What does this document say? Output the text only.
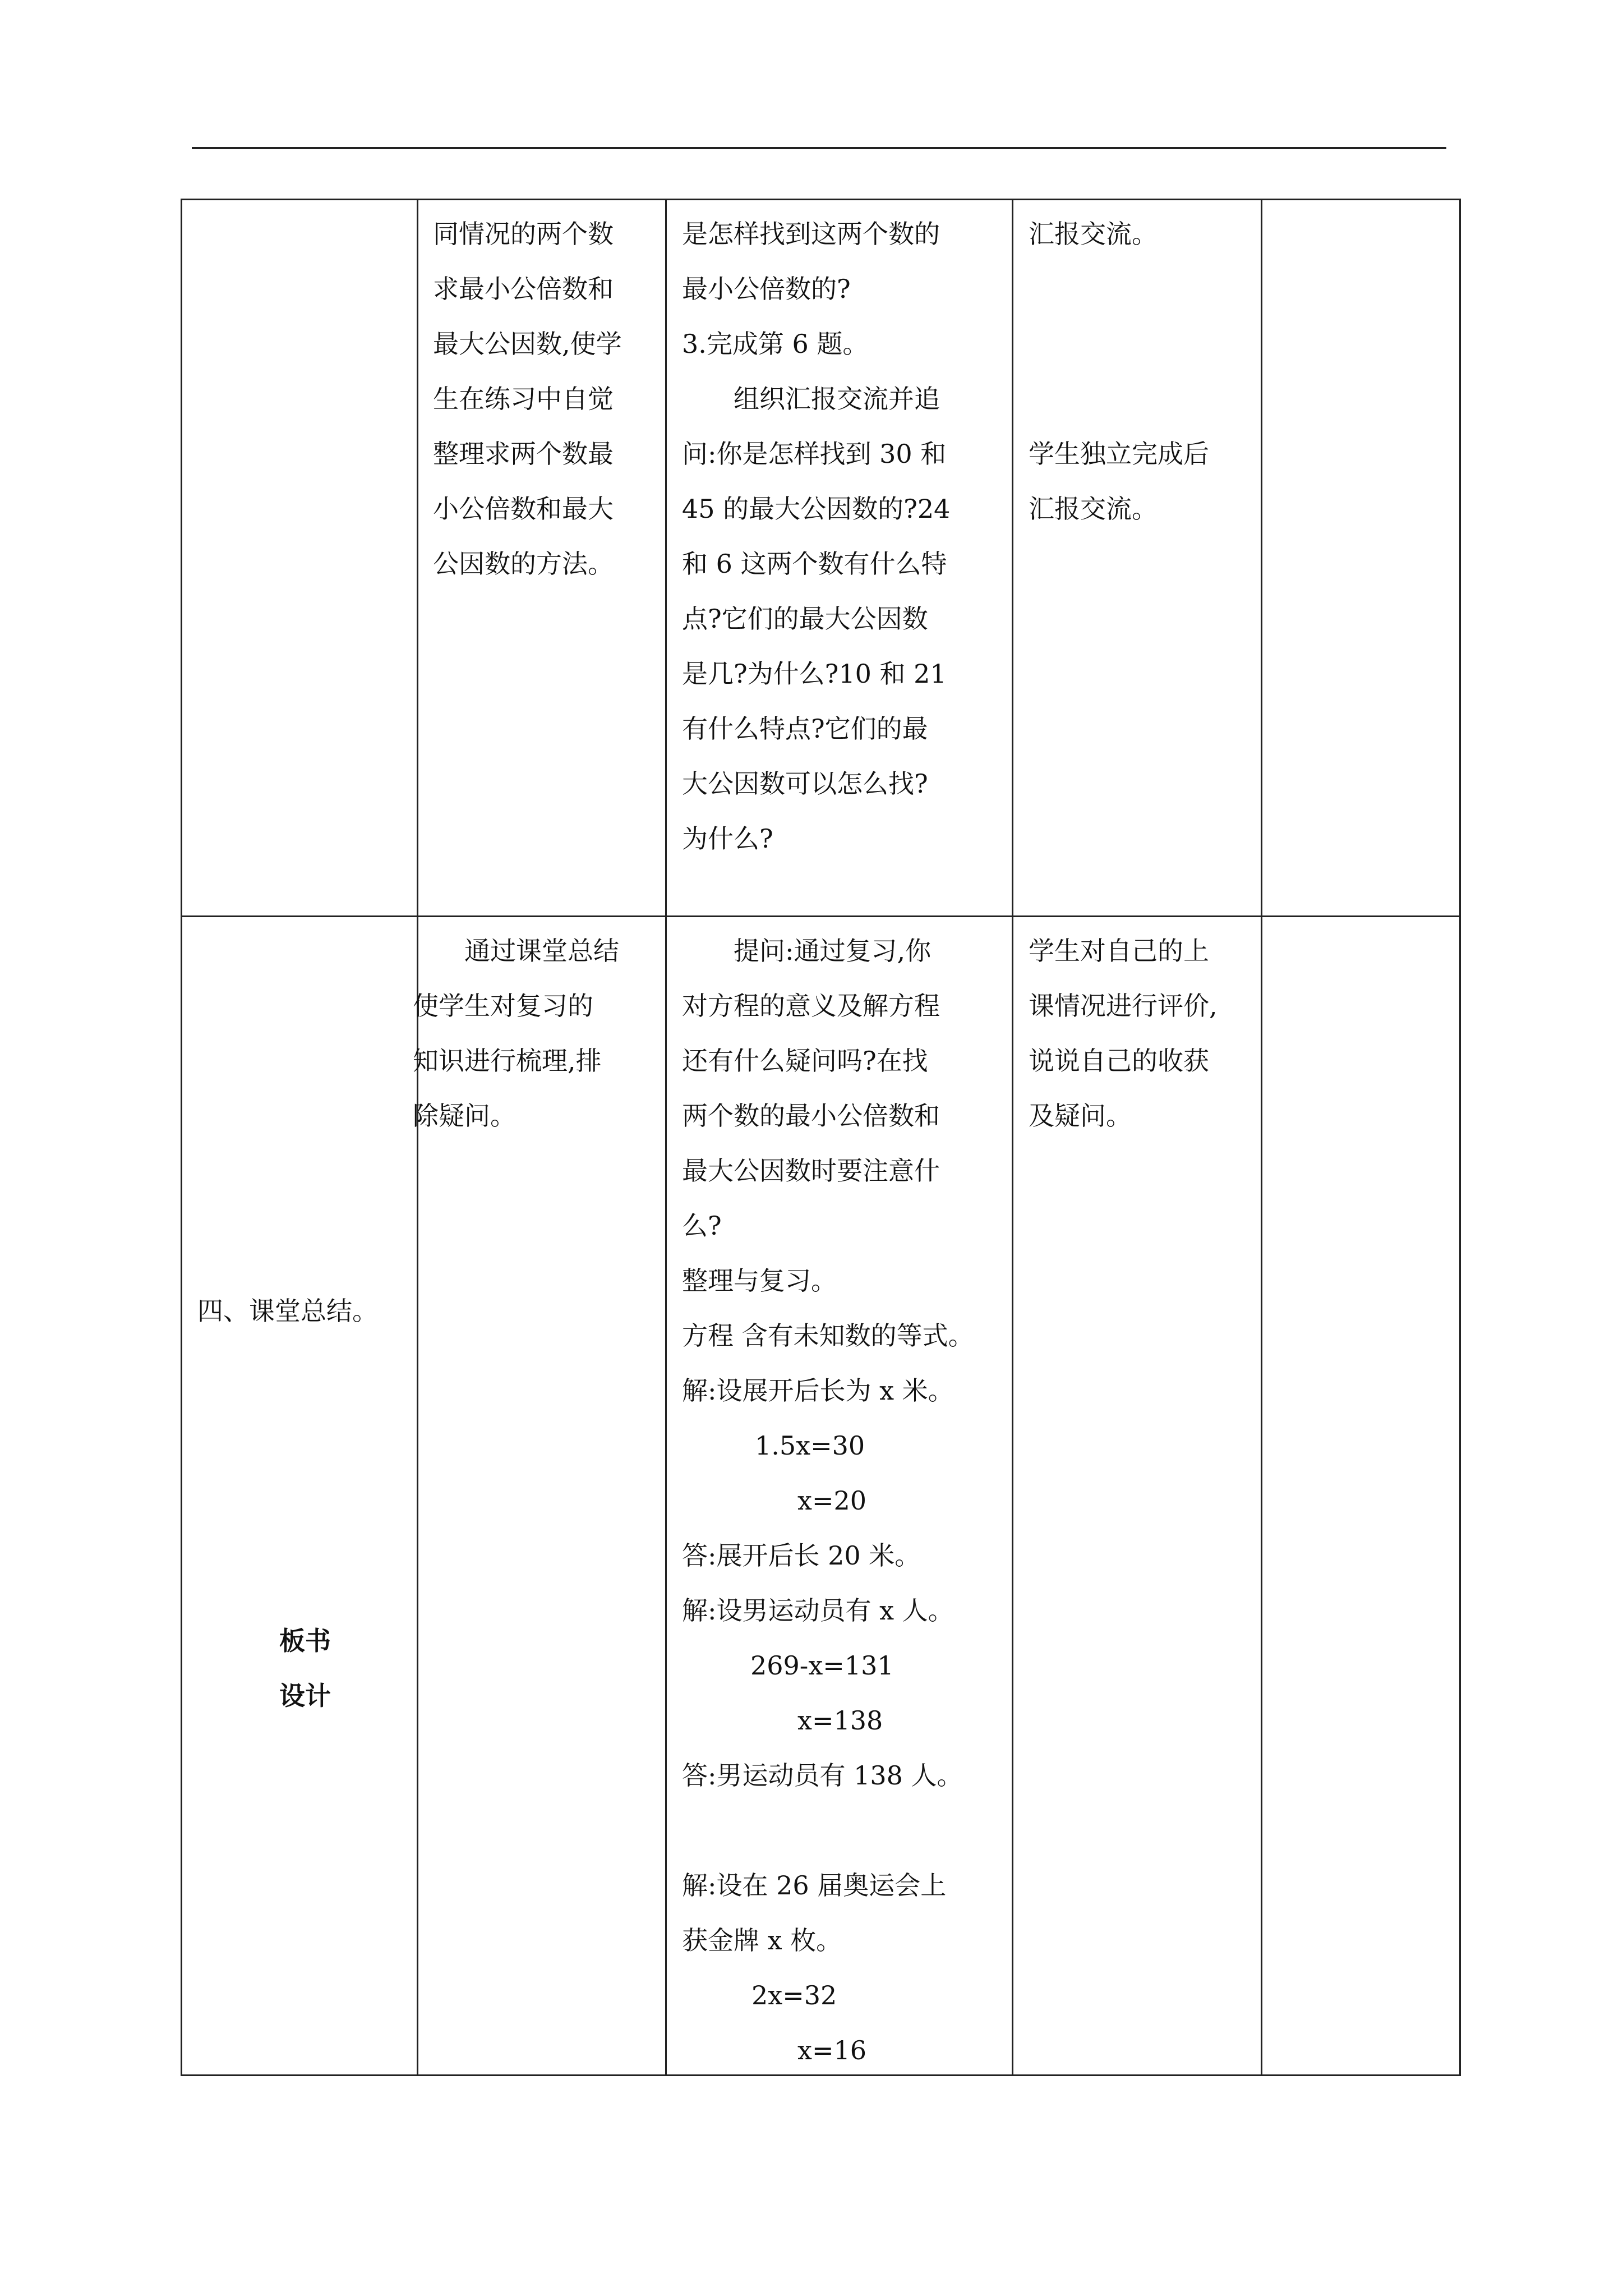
同情况的两个数
求最小公倍数和
最大公因数,使学
生在练习中自觉
整理求两个数最
小公倍数和最大
公因数的方法。
是怎样找到这两个数的
最小公倍数的?
3.完成第 6 题。
组织汇报交流并追
问:你是怎样找到 30 和
45 的最大公因数的?24
和 6 这两个数有什么特
点?它们的最大公因数
是几?为什么?10 和 21
有什么特点?它们的最
大公因数可以怎么找?
为什么?
汇报交流。
学生独立完成后
汇报交流。
四、课堂总结。
板书
设计
通过课堂总结
使学生对复习的
知识进行梳理,排
除疑问。
提问:通过复习,你
对方程的意义及解方程
还有什么疑问吗?在找
两个数的最小公倍数和
最大公因数时要注意什
么?
整理与复习。
方程 含有未知数的等式。
解:设展开后长为 x 米。
1.5x=30
x=20
答:展开后长 20 米。
解:设男运动员有 x 人。
269-x=131
x=138
答:男运动员有 138 人。
解:设在 26 届奥运会上
获金牌 x 枚。
2x=32
x=16
学生对自己的上
课情况进行评价,
说说自己的收获
及疑问。
